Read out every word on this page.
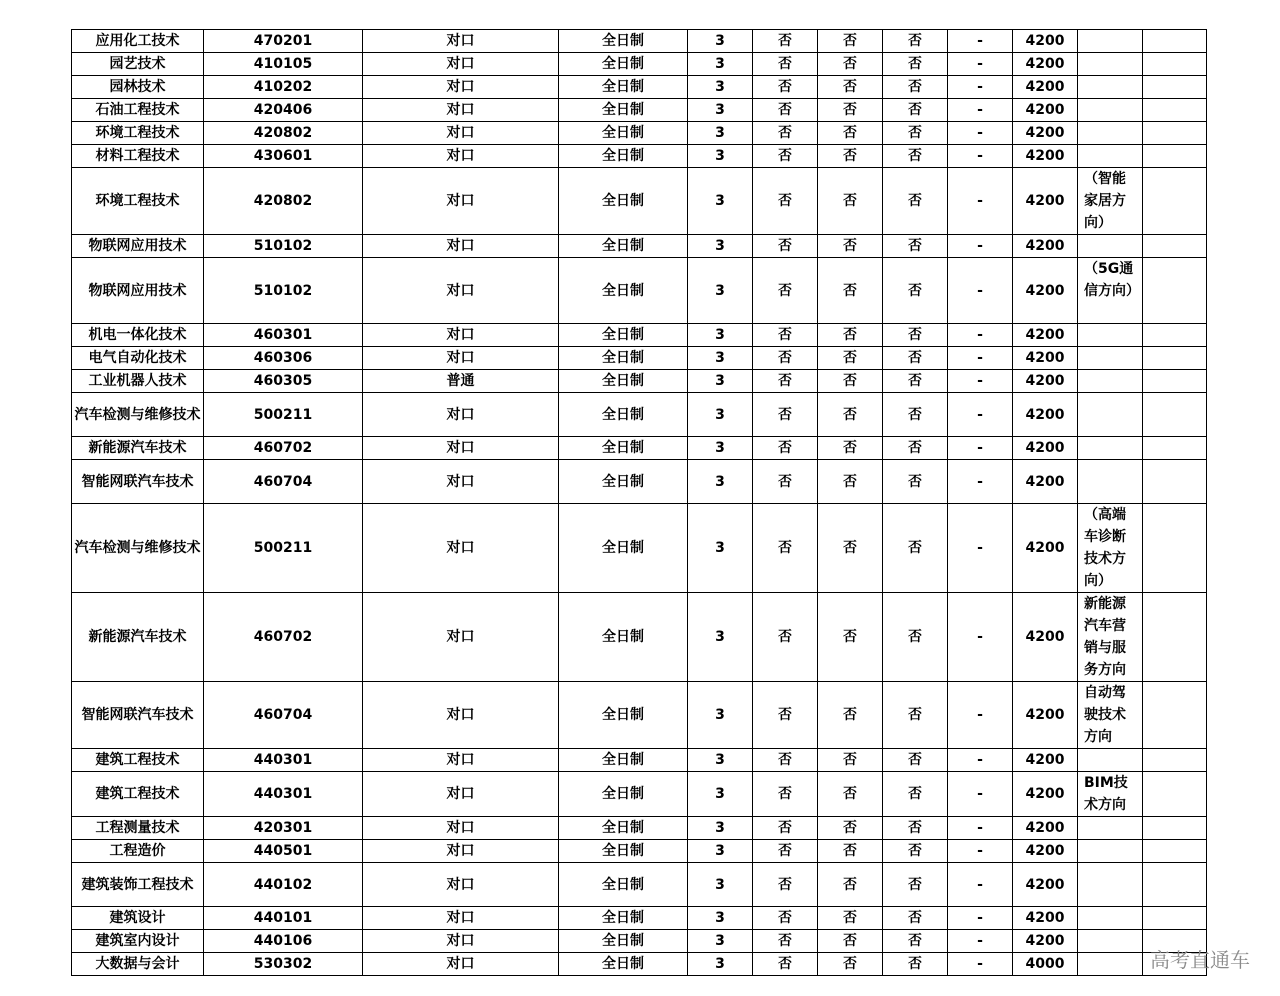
应用化工技术	470201	对口	全日制	3	否	否	否	-	4200	

园艺技术	410105	对口	全日制	3	否	否	否	-	4200	

园林技术	410202	对口	全日制	3	否	否	否	-	4200	

石油工程技术	420406	对口	全日制	3	否	否	否	-	4200	

环境工程技术	420802	对口	全日制	3	否	否	否	-	4200	

材料工程技术	430601	对口	全日制	3	否	否	否	-	4200	

环境工程技术	420802	对口	全日制	3	否	否	否	-	4200	（智能家居方向）	

物联网应用技术	510102	对口	全日制	3	否	否	否	-	4200	

物联网应用技术	510102	对口	全日制	3	否	否	否	-	4200	（5G通信方向）	

机电一体化技术	460301	对口	全日制	3	否	否	否	-	4200	

电气自动化技术	460306	对口	全日制	3	否	否	否	-	4200	

工业机器人技术	460305	普通	全日制	3	否	否	否	-	4200	

汽车检测与维修技术	500211	对口	全日制	3	否	否	否	-	4200	

新能源汽车技术	460702	对口	全日制	3	否	否	否	-	4200	

智能网联汽车技术	460704	对口	全日制	3	否	否	否	-	4200	

汽车检测与维修技术	500211	对口	全日制	3	否	否	否	-	4200	（高端车诊断技术方向）	

新能源汽车技术	460702	对口	全日制	3	否	否	否	-	4200	新能源汽车营销与服务方向	

智能网联汽车技术	460704	对口	全日制	3	否	否	否	-	4200	自动驾驶技术方向	

建筑工程技术	440301	对口	全日制	3	否	否	否	-	4200	

建筑工程技术	440301	对口	全日制	3	否	否	否	-	4200	BIM技术方向	

工程测量技术	420301	对口	全日制	3	否	否	否	-	4200	

工程造价	440501	对口	全日制	3	否	否	否	-	4200	

建筑装饰工程技术	440102	对口	全日制	3	否	否	否	-	4200	

建筑设计	440101	对口	全日制	3	否	否	否	-	4200	

建筑室内设计	440106	对口	全日制	3	否	否	否	-	4200	

大数据与会计	530302	对口	全日制	3	否	否	否	-	4000	
		高考直通车
